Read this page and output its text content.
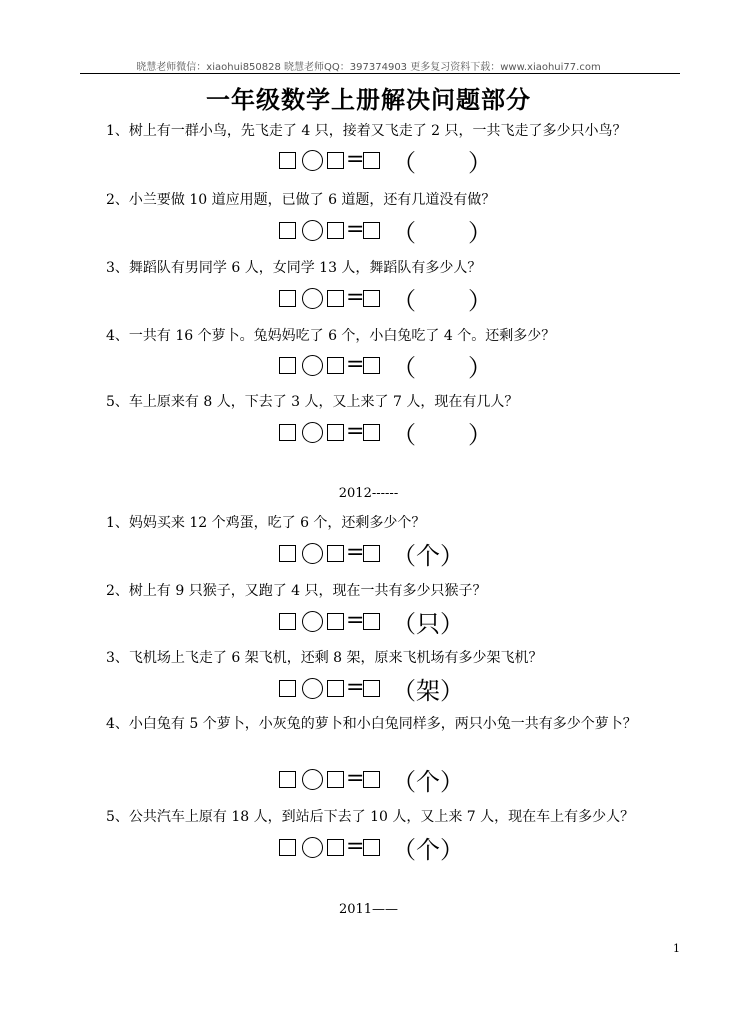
晓慧老师微信：xiaohui850828 晓慧老师QQ：397374903 更多复习资料下载：www.xiaohui77.com
一年级数学上册解决问题部分
1、树上有一群小鸟，先飞走了 4 只，接着又飞走了 2 只，一共飞走了多少只小鸟？
= （ ）
2、小兰要做 10 道应用题，已做了 6 道题，还有几道没有做？
= （ ）
3、舞蹈队有男同学 6 人，女同学 13 人，舞蹈队有多少人？
= （ ）
4、一共有 16 个萝卜。兔妈妈吃了 6 个，小白兔吃了 4 个。还剩多少？
= （ ）
5、车上原来有 8 人，下去了 3 人，又上来了 7 人，现在有几人？
= （ ）
2012------
1、妈妈买来 12 个鸡蛋，吃了 6 个，还剩多少个？
= （个）
2、树上有 9 只猴子，又跑了 4 只，现在一共有多少只猴子？
= （只）
3、飞机场上飞走了 6 架飞机，还剩 8 架，原来飞机场有多少架飞机？
= （架）
4、小白兔有 5 个萝卜，小灰兔的萝卜和小白兔同样多，两只小兔一共有多少个萝卜？
= （个）
5、公共汽车上原有 18 人，到站后下去了 10 人，又上来 7 人，现在车上有多少人？
= （个）
2011——
1
